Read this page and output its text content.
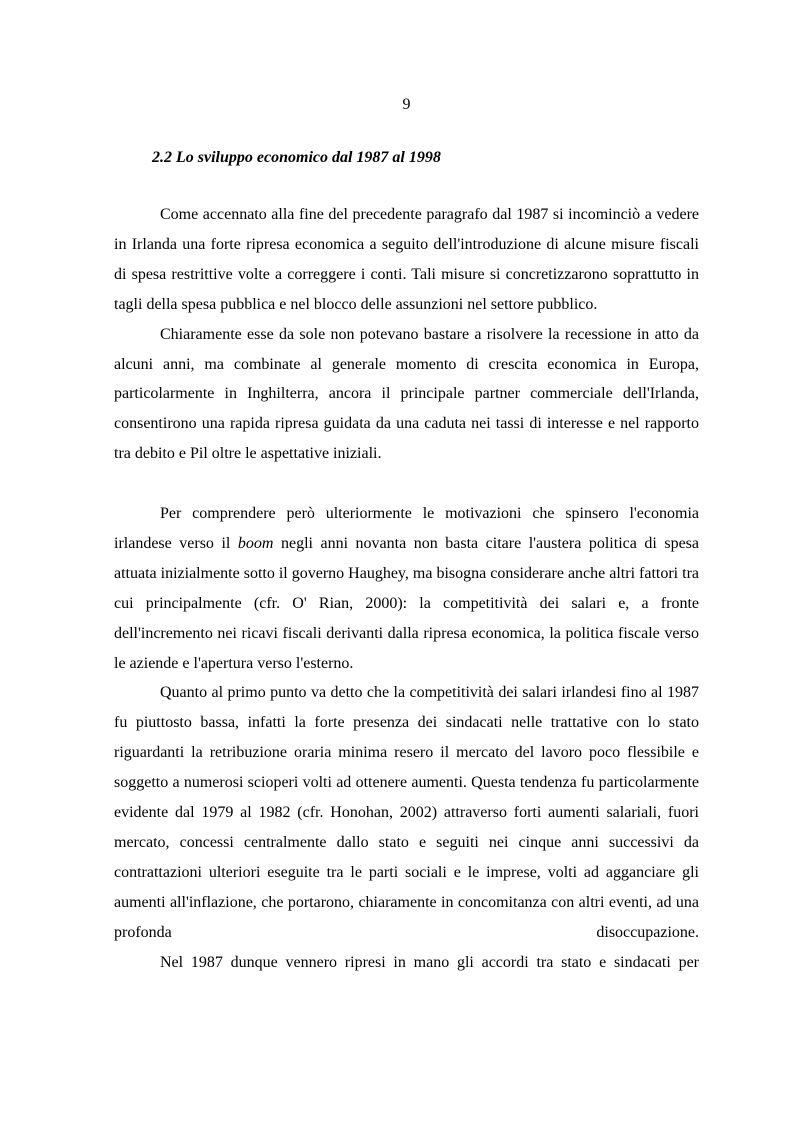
9
2.2 Lo sviluppo economico dal 1987 al 1998

Come accennato alla fine del precedente paragrafo dal 1987 si incominciò a vedere in Irlanda una forte ripresa economica a seguito dell'introduzione di alcune misure fiscali di spesa restrittive volte a correggere i conti. Tali misure si concretizzarono soprattutto in tagli della spesa pubblica e nel blocco delle assunzioni nel settore pubblico.

Chiaramente esse da sole non potevano bastare a risolvere la recessione in atto da alcuni anni, ma combinate al generale momento di crescita economica in Europa, particolarmente in Inghilterra, ancora il principale partner commerciale dell'Irlanda, consentirono una rapida ripresa guidata da una caduta nei tassi di interesse e nel rapporto tra debito e Pil oltre le aspettative iniziali.

Per comprendere però ulteriormente le motivazioni che spinsero l'economia irlandese verso il boom negli anni novanta non basta citare l'austera politica di spesa attuata inizialmente sotto il governo Haughey, ma bisogna considerare anche altri fattori tra cui principalmente (cfr. O' Rian, 2000): la competitività dei salari e, a fronte dell'incremento nei ricavi fiscali derivanti dalla ripresa economica, la politica fiscale verso le aziende e l'apertura verso l'esterno.

Quanto al primo punto va detto che la competitività dei salari irlandesi fino al 1987 fu piuttosto bassa, infatti la forte presenza dei sindacati nelle trattative con lo stato riguardanti la retribuzione oraria minima resero il mercato del lavoro poco flessibile e soggetto a numerosi scioperi volti ad ottenere aumenti. Questa tendenza fu particolarmente evidente dal 1979 al 1982 (cfr. Honohan, 2002) attraverso forti aumenti salariali, fuori mercato, concessi centralmente dallo stato e seguiti nei cinque anni successivi da contrattazioni ulteriori eseguite tra le parti sociali e le imprese, volti ad agganciare gli aumenti all'inflazione, che portarono, chiaramente in concomitanza con altri eventi, ad una profonda disoccupazione.

Nel 1987 dunque vennero ripresi in mano gli accordi tra stato e sindacati per
